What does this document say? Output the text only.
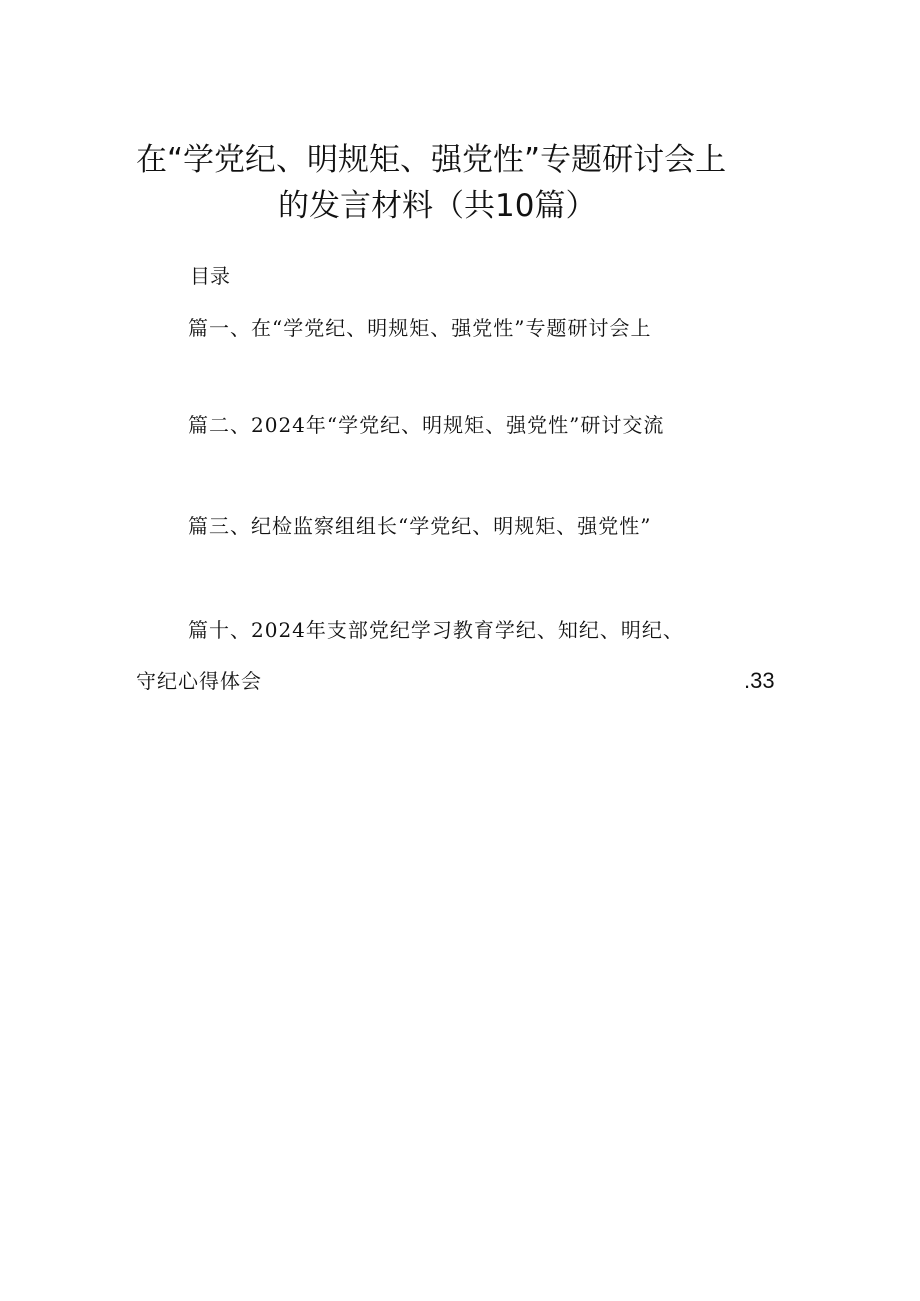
在“学党纪、明规矩、强党性”专题研讨会上
的发言材料（共10篇）
目录
篇一、在“学党纪、明规矩、强党性”专题研讨会上
篇二、2024年“学党纪、明规矩、强党性”研讨交流
篇三、纪检监察组组长“学党纪、明规矩、强党性”
篇十、2024年支部党纪学习教育学纪、知纪、明纪、
守纪心得体会	.33
